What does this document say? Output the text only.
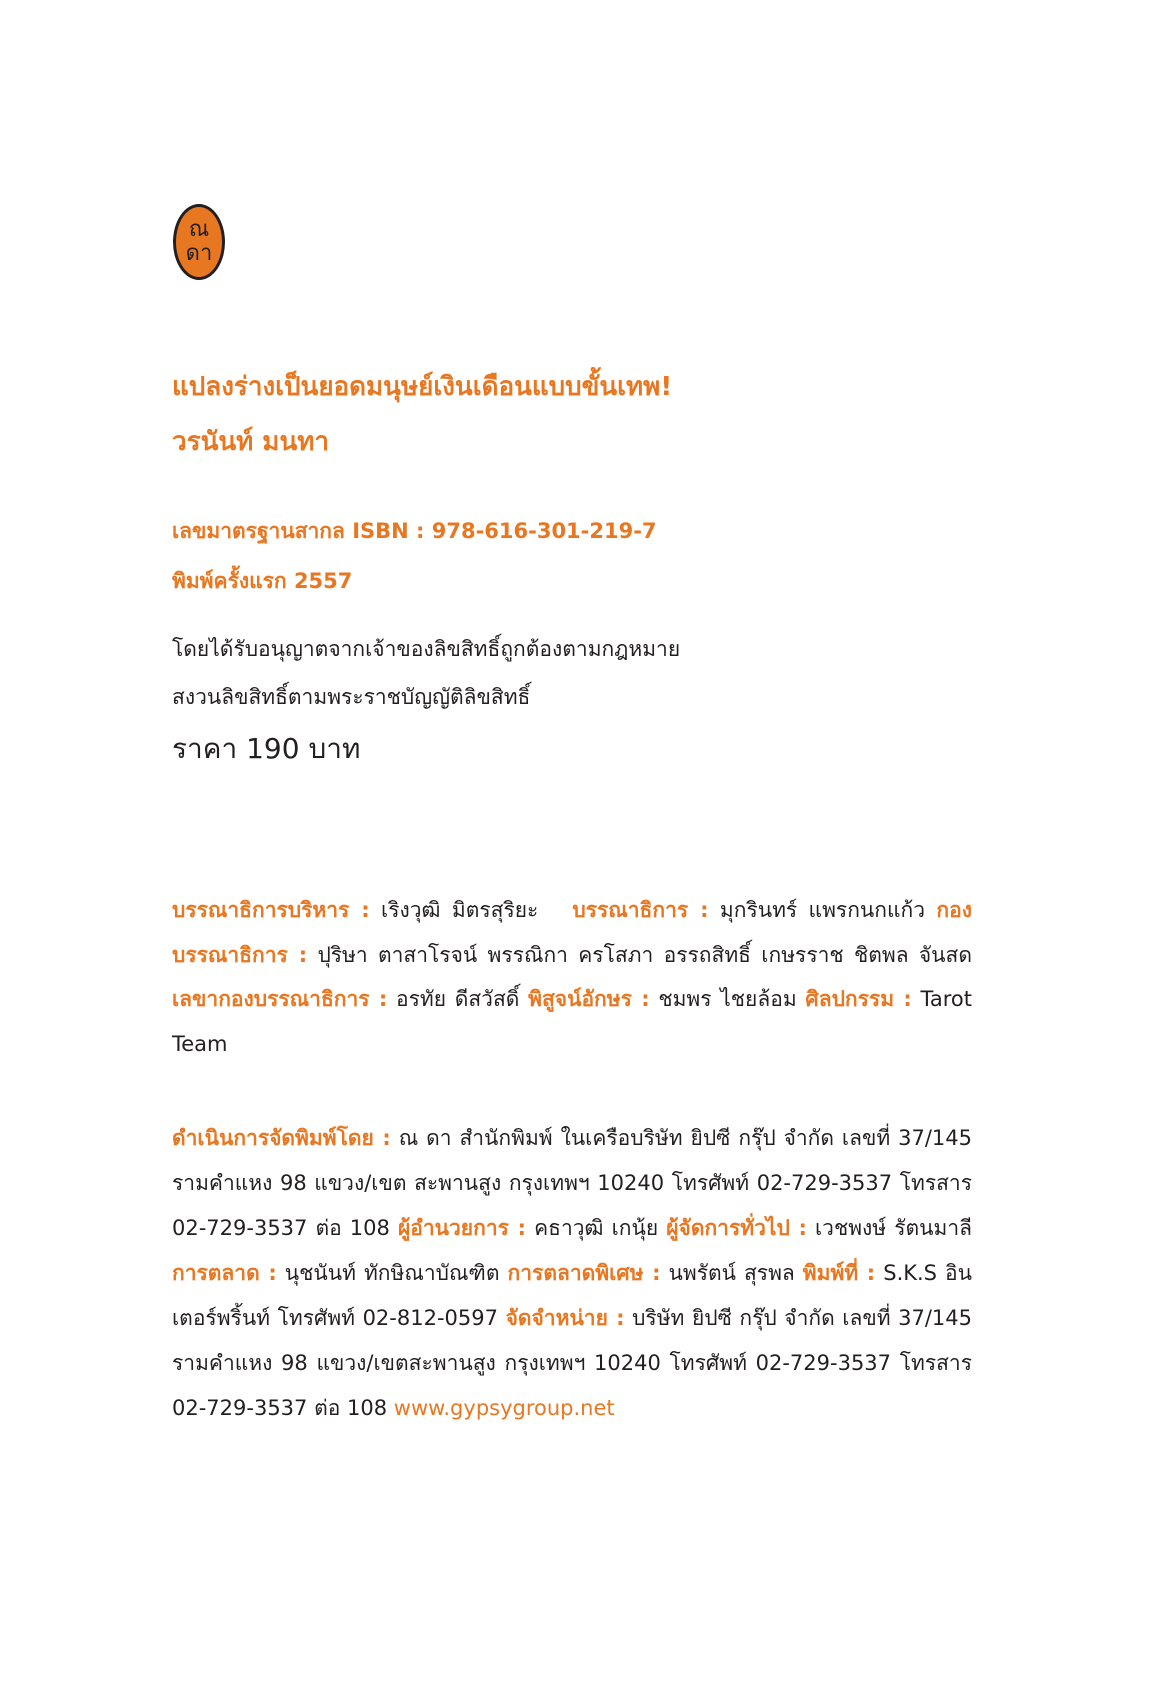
ณ
ดา
แปลงร่างเป็นยอดมนุษย์เงินเดือนแบบขั้นเทพ!
วรนันท์ มนทา
เลขมาตรฐานสากล ISBN : 978-616-301-219-7
พิมพ์ครั้งแรก 2557
โดยได้รับอนุญาตจากเจ้าของลิขสิทธิ์ถูกต้องตามกฎหมาย
สงวนลิขสิทธิ์ตามพระราชบัญญัติลิขสิทธิ์
ราคา 190 บาท
บรรณาธิการบริหาร : เริงวุฒิ มิตรสุริยะ บรรณาธิการ : มุกรินทร์ แพรกนกแก้ว กองบรรณาธิการ : ปุริษา ตาสาโรจน์ พรรณิกา ครโสภา อรรถสิทธิ์ เกษรราช ชิตพล จันสด เลขากองบรรณาธิการ : อรทัย ดีสวัสดิ์ พิสูจน์อักษร : ชมพร ไชยล้อม ศิลปกรรม : Tarot Team
ดำเนินการจัดพิมพ์โดย : ณ ดา สำนักพิมพ์ ในเครือบริษัท ยิปซี กรุ๊ป จำกัด เลขที่ 37/145 รามคำแหง 98 แขวง/เขต สะพานสูง กรุงเทพฯ 10240 โทรศัพท์ 02-729-3537 โทรสาร 02-729-3537 ต่อ 108 ผู้อำนวยการ : คธาวุฒิ เกนุ้ย ผู้จัดการทั่วไป : เวชพงษ์ รัตนมาลี การตลาด : นุชนันท์ ทักษิณาบัณฑิต การตลาดพิเศษ : นพรัตน์ สุรพล พิมพ์ที่ : S.K.S อินเตอร์พริ้นท์ โทรศัพท์ 02-812-0597 จัดจำหน่าย : บริษัท ยิปซี กรุ๊ป จำกัด เลขที่ 37/145 รามคำแหง 98 แขวง/เขตสะพานสูง กรุงเทพฯ 10240 โทรศัพท์ 02-729-3537 โทรสาร 02-729-3537 ต่อ 108 www.gypsygroup.net
